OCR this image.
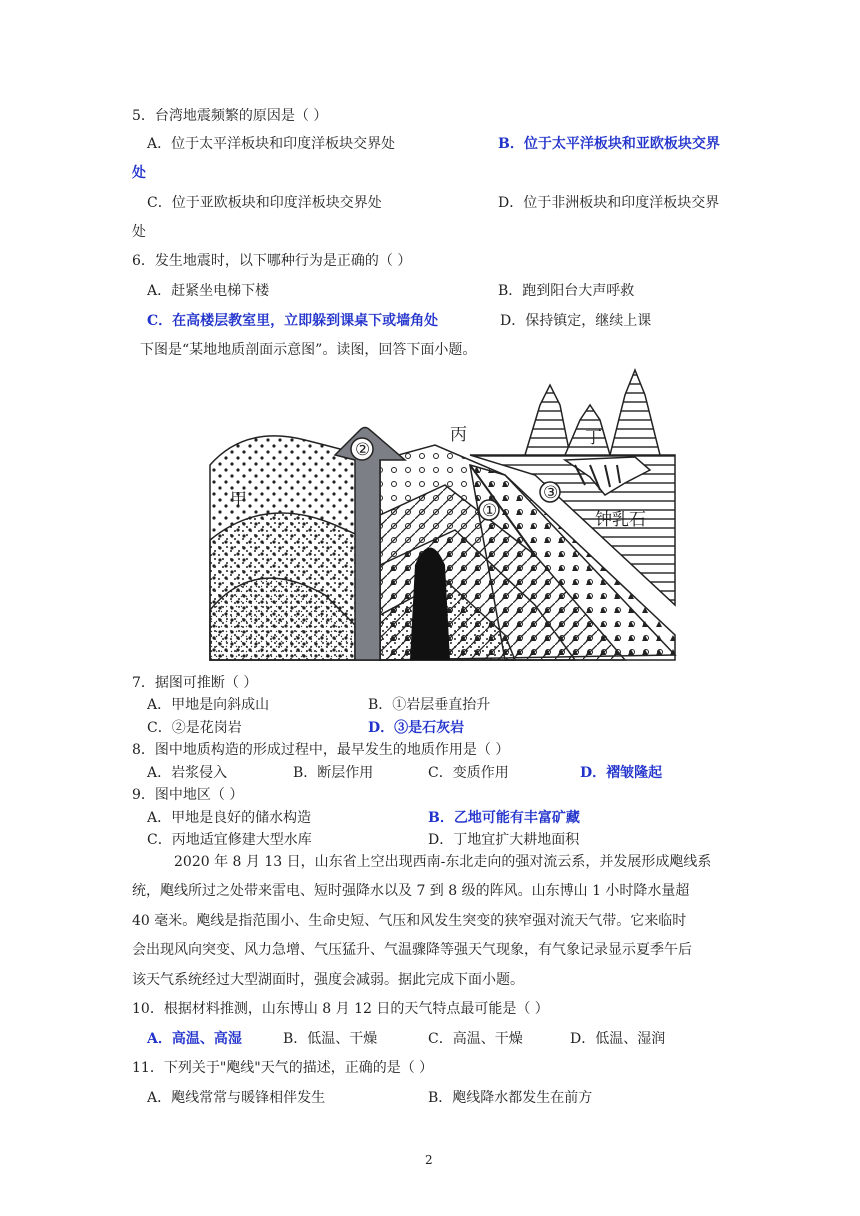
5．台湾地震频繁的原因是（ ）
A．位于太平洋板块和印度洋板块交界处	B．位于太平洋板块和亚欧板块交界
处
C．位于亚欧板块和印度洋板块交界处	D．位于非洲板块和印度洋板块交界
处
6．发生地震时，以下哪种行为是正确的（ ）
A．赶紧坐电梯下楼	B．跑到阳台大声呼救
C．在高楼层教室里，立即躲到课桌下或墙角处	D．保持镇定，继续上课
下图是“某地地质剖面示意图”。读图，回答下面小题。
②
①
③
甲
丙	丁
钟乳石
7．据图可推断（ ）
A．甲地是向斜成山	B．①岩层垂直抬升
C．②是花岗岩	D．③是石灰岩
8．图中地质构造的形成过程中，最早发生的地质作用是（ ）
A．岩浆侵入	B．断层作用	C．变质作用	D．褶皱隆起
9．图中地区（ ）
A．甲地是良好的储水构造	B．乙地可能有丰富矿藏
C．丙地适宜修建大型水库	D．丁地宜扩大耕地面积
2020 年 8 月 13 日，山东省上空出现西南-东北走向的强对流云系，并发展形成飑线系
统，飑线所过之处带来雷电、短时强降水以及 7 到 8 级的阵风。山东博山 1 小时降水量超
40 毫米。飑线是指范围小、生命史短、气压和风发生突变的狭窄强对流天气带。它来临时
会出现风向突变、风力急增、气压猛升、气温骤降等强天气现象，有气象记录显示夏季午后
该天气系统经过大型湖面时，强度会减弱。据此完成下面小题。
10．根据材料推测，山东博山 8 月 12 日的天气特点最可能是（ ）
A．高温、高湿	B．低温、干燥	C．高温、干燥	D．低温、湿润
11．下列关于"飑线"天气的描述，正确的是（ ）
A．飑线常常与暖锋相伴发生	B．飑线降水都发生在前方
2
